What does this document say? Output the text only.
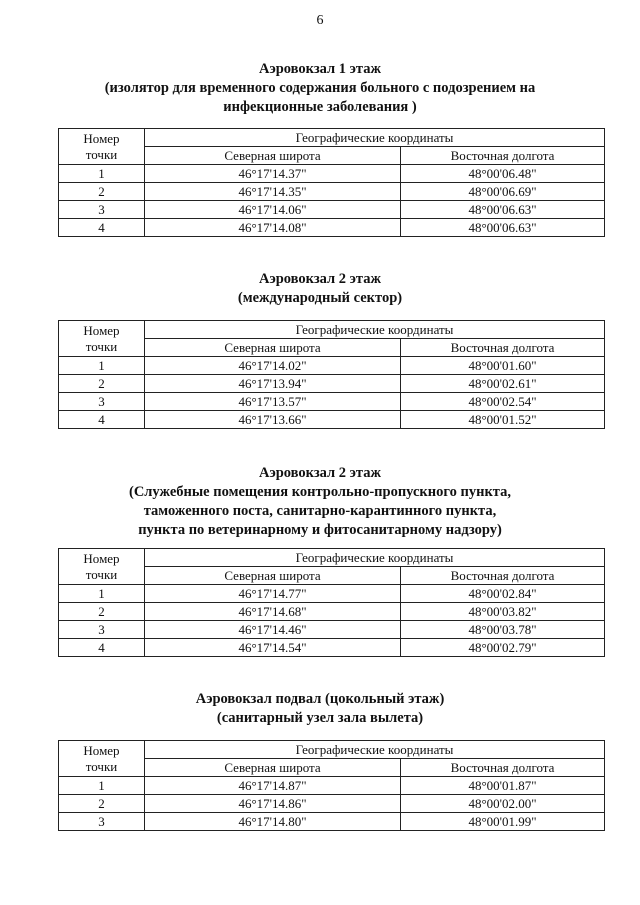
6
Аэровокзал 1 этаж
(изолятор для временного содержания больного с подозрением на
инфекционные заболевания )
Номер
точки	Географические координаты	
	Северная широта	Восточная долгота
1	46°17'14.37"	48°00'06.48"
2	46°17'14.35"	48°00'06.69"
3	46°17'14.06"	48°00'06.63"
4	46°17'14.08"	48°00'06.63"
Аэровокзал 2 этаж
(международный сектор)
Номер
точки	Географические координаты	
	Северная широта	Восточная долгота
1	46°17'14.02"	48°00'01.60"
2	46°17'13.94"	48°00'02.61"
3	46°17'13.57"	48°00'02.54"
4	46°17'13.66"	48°00'01.52"
Аэровокзал 2 этаж
(Служебные помещения контрольно-пропускного пункта,
таможенного поста, санитарно-карантинного пункта,
пункта по ветеринарному и фитосанитарному надзору)
Номер
точки	Географические координаты	
	Северная широта	Восточная долгота
1	46°17'14.77"	48°00'02.84"
2	46°17'14.68"	48°00'03.82"
3	46°17'14.46"	48°00'03.78"
4	46°17'14.54"	48°00'02.79"
Аэровокзал подвал (цокольный этаж)
(санитарный узел зала вылета)
Номер
точки	Географические координаты	
	Северная широта	Восточная долгота
1	46°17'14.87"	48°00'01.87"
2	46°17'14.86"	48°00'02.00"
3	46°17'14.80"	48°00'01.99"
